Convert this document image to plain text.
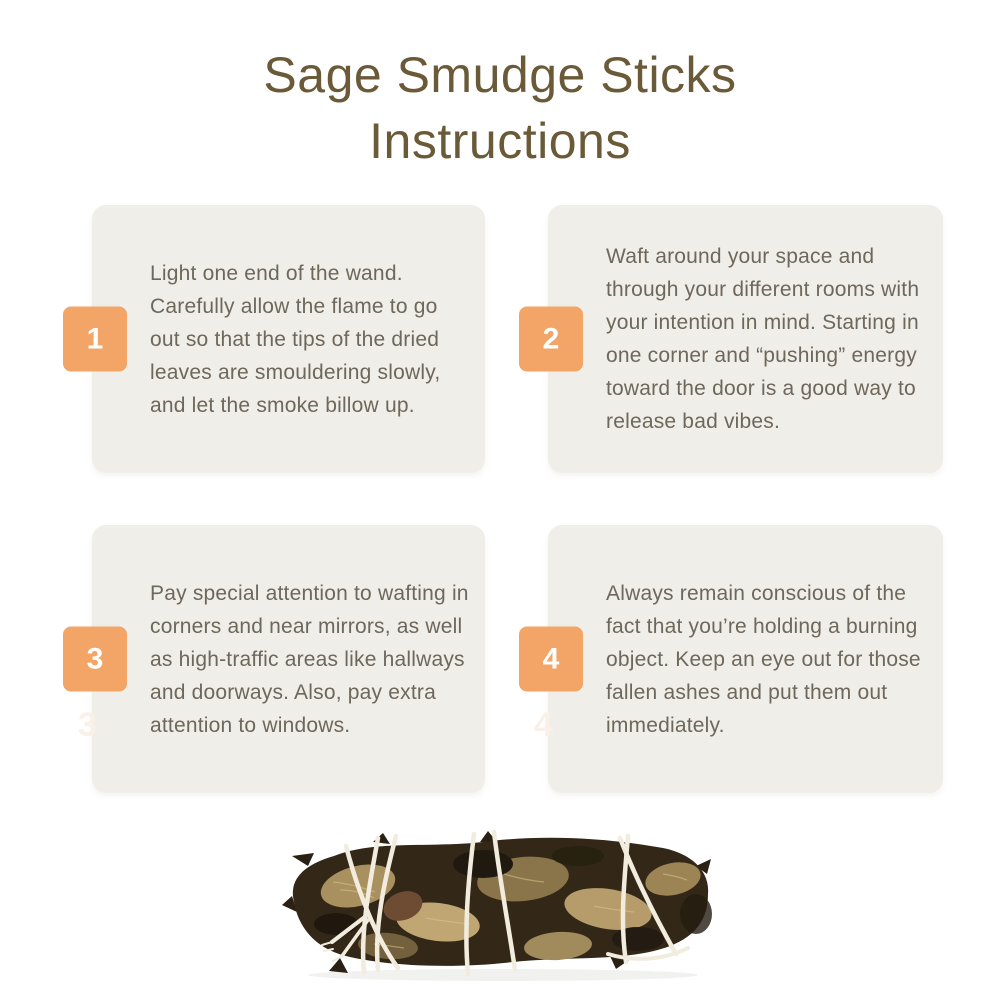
Sage Smudge Sticks
Instructions
1
Light one end of the wand. Carefully allow the flame to go out so that the tips of the dried leaves are smouldering slowly, and let the smoke billow up.
2
Waft around your space and through your different rooms with your intention in mind. Starting in one corner and “pushing” energy toward the door is a good way to release bad vibes.
3
3
Pay special attention to wafting in corners and near mirrors, as well as high-traffic areas like hallways and doorways. Also, pay extra attention to windows.
4
4
Always remain conscious of the fact that you’re holding a burning object. Keep an eye out for those fallen ashes and put them out immediately.
